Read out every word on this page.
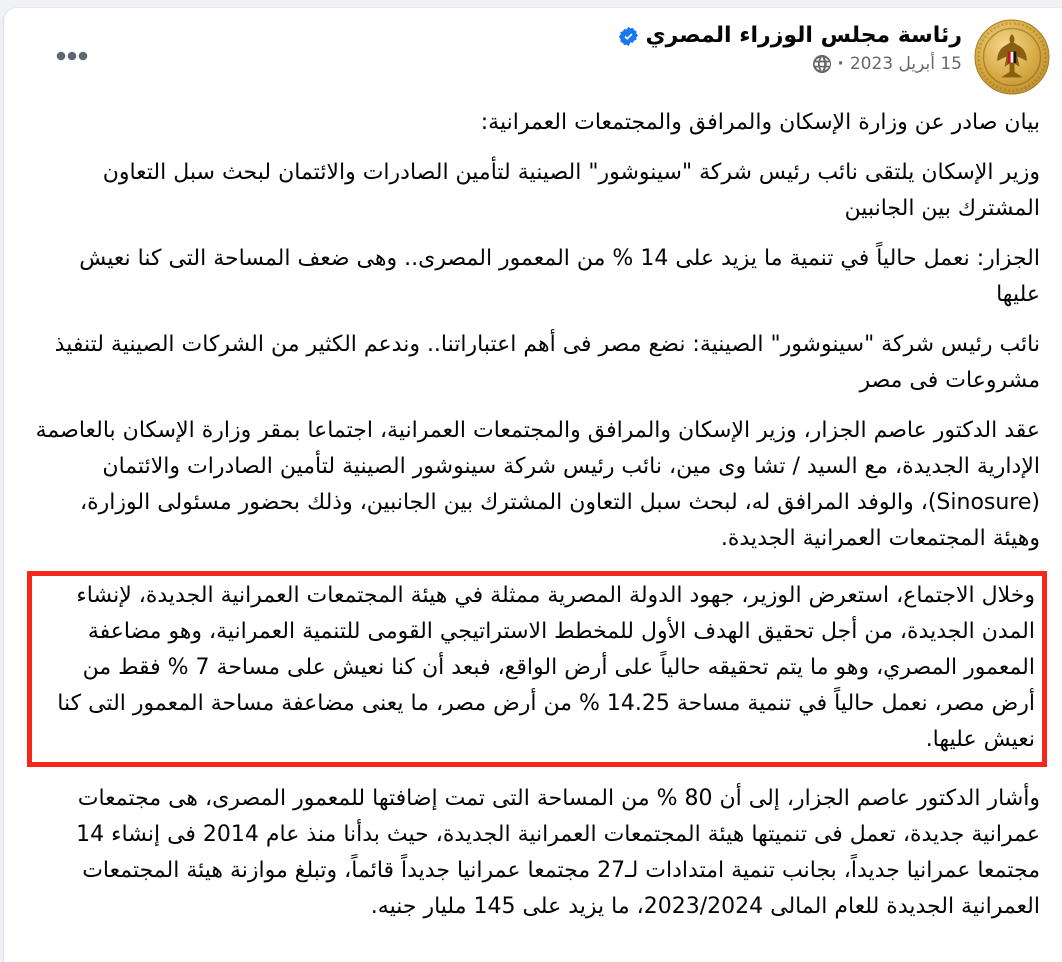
رئاسة مجلس الوزراء المصري
15 أبريل 2023
·

بيان صادر عن وزارة الإسكان والمرافق والمجتمعات العمرانية:

وزير الإسكان يلتقى نائب رئيس شركة "سينوشور" الصينية لتأمين الصادرات والائتمان لبحث سبل التعاون المشترك بين الجانبين

الجزار: نعمل حالياً في تنمية ما يزيد على 14 % من المعمور المصرى.. وهى ضعف المساحة التى كنا نعيش عليها

نائب رئيس شركة "سينوشور" الصينية: نضع مصر فى أهم اعتباراتنا.. وندعم الكثير من الشركات الصينية لتنفيذ مشروعات فى مصر

عقد الدكتور عاصم الجزار، وزير الإسكان والمرافق والمجتمعات العمرانية، اجتماعا بمقر وزارة الإسكان بالعاصمة الإدارية الجديدة، مع السيد / تشا وى مين، نائب رئيس شركة سينوشور الصينية لتأمين الصادرات والائتمان (Sinosure)، والوفد المرافق له، لبحث سبل التعاون المشترك بين الجانبين، وذلك بحضور مسئولى الوزارة، وهيئة المجتمعات العمرانية الجديدة.

وخلال الاجتماع، استعرض الوزير، جهود الدولة المصرية ممثلة في هيئة المجتمعات العمرانية الجديدة، لإنشاء المدن الجديدة، من أجل تحقيق الهدف الأول للمخطط الاستراتيجي القومى للتنمية العمرانية، وهو مضاعفة المعمور المصري، وهو ما يتم تحقيقه حالياً على أرض الواقع، فبعد أن كنا نعيش على مساحة 7 % فقط من أرض مصر، نعمل حالياً في تنمية مساحة 14.25 % من أرض مصر، ما يعنى مضاعفة مساحة المعمور التى كنا نعيش عليها.

وأشار الدكتور عاصم الجزار، إلى أن 80 % من المساحة التى تمت إضافتها للمعمور المصرى، هى مجتمعات عمرانية جديدة، تعمل فى تنميتها هيئة المجتمعات العمرانية الجديدة، حيث بدأنا منذ عام 2014 فى إنشاء 14 مجتمعا عمرانيا جديداً، بجانب تنمية امتدادات لـ27 مجتمعا عمرانيا جديداً قائماً، وتبلغ موازنة هيئة المجتمعات العمرانية الجديدة للعام المالى 2023/2024، ما يزيد على 145 مليار جنيه.
